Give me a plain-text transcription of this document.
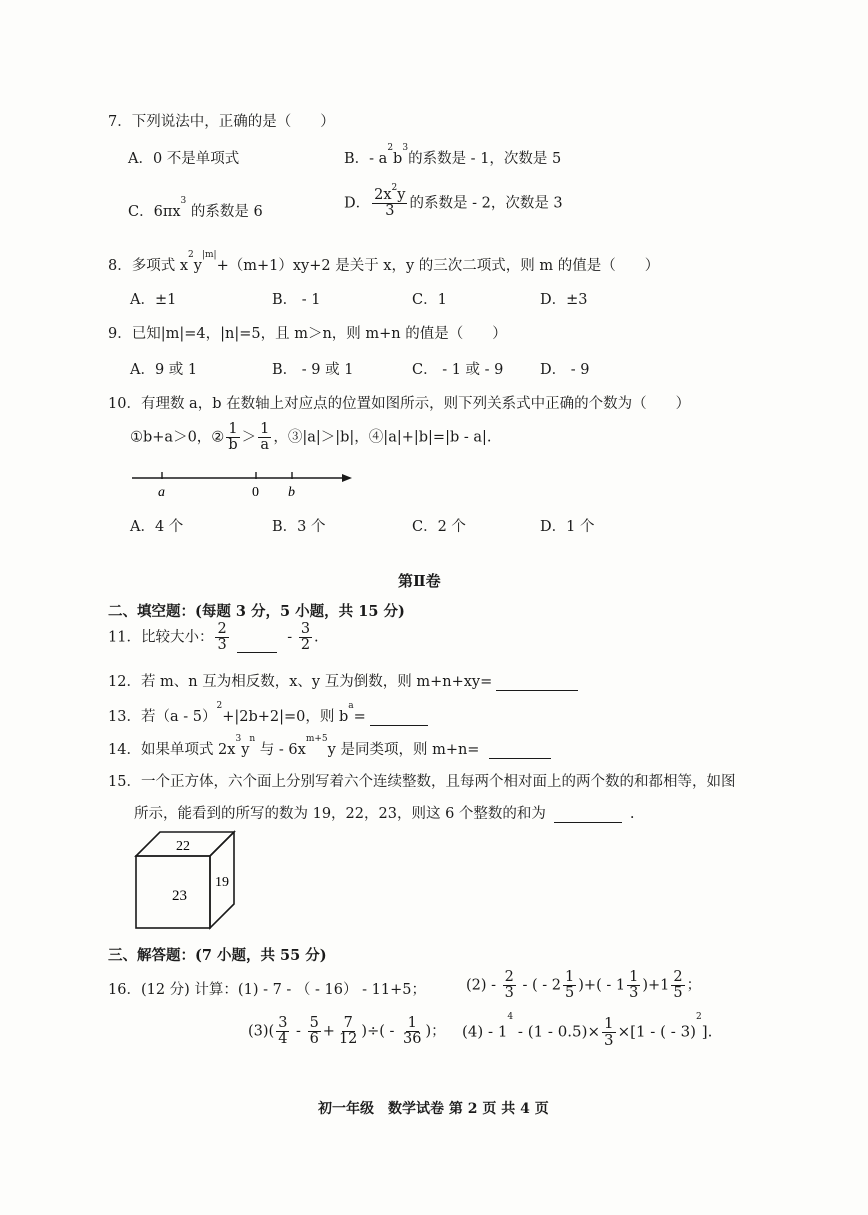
7．下列说法中，正确的是（　　）
A．0 不是单项式	B．- $a^2b^3$的系数是 - 1，次数是 5
C．$6\pi x^3$ 的系数是 6
D． $\frac{2x^2y}{3}$ 的系数是 - 2，次数是 3
8．多项式 $x^2y^{|m|}+(m+1)xy+2$ 是关于 x，y 的三次二项式，则 m 的值是（　　）
A．±1	B． - 1	C．1	D．±3
9．已知|m|=4，|n|=5，且 m＞n，则 m+n 的值是（　　）
A．9 或 1	B． - 9 或 1	C． - 1 或 - 9	D． - 9
10．有理数 a，b 在数轴上对应点的位置如图所示，则下列关系式中正确的个数为（　　）
①b+a＞0，② $\frac{1}{b} > \frac{1}{a}$ ，③|a|＞|b|，④|a|+|b|=|b - a|.
a	0 b
A．4 个	B．3 个	C．2 个	D．1 个
第Ⅱ卷
二、填空题：(每题 3 分，5 小题，共 15 分)
11．比较大小： $\frac{2}{3}$	- $\frac{3}{2}$ .
12．若 m、n 互为相反数，x、y 互为倒数，则 m+n+xy=
13．若（a - 5）$^2$+|2b+2|=0，则 $b^a=$
14．如果单项式 $2x^3y^n$ 与 - $6x^{m+5}y$ 是同类项，则 m+n=
15．一个正方体，六个面上分别写着六个连续整数，且每两个相对面上的两个数的和都相等，如图
所示，能看到的所写的数为 19，22，23，则这 6 个整数的和为	.
22
23
19
三、解答题：(7 小题，共 55 分)
16．(12 分) 计算：(1) - 7 - （ - 16） - 11+5；	$(2) - \frac{2}{3}$ - ( - $2 \frac{1}{5}$ )+( - $1 \frac{1}{3} )+1 \frac{2}{5}$ ；
$(3)( \frac{3}{4} - \frac{5}{6} + \frac{7}{12}$ )÷( - $\frac{1}{36}$ )； $(4) - 1^4 - (1 - 0.5)\times \frac{1}{3} \times[1$ - ( - 3)$^2$].
初一年级　数学试卷 第 2 页 共 4 页
